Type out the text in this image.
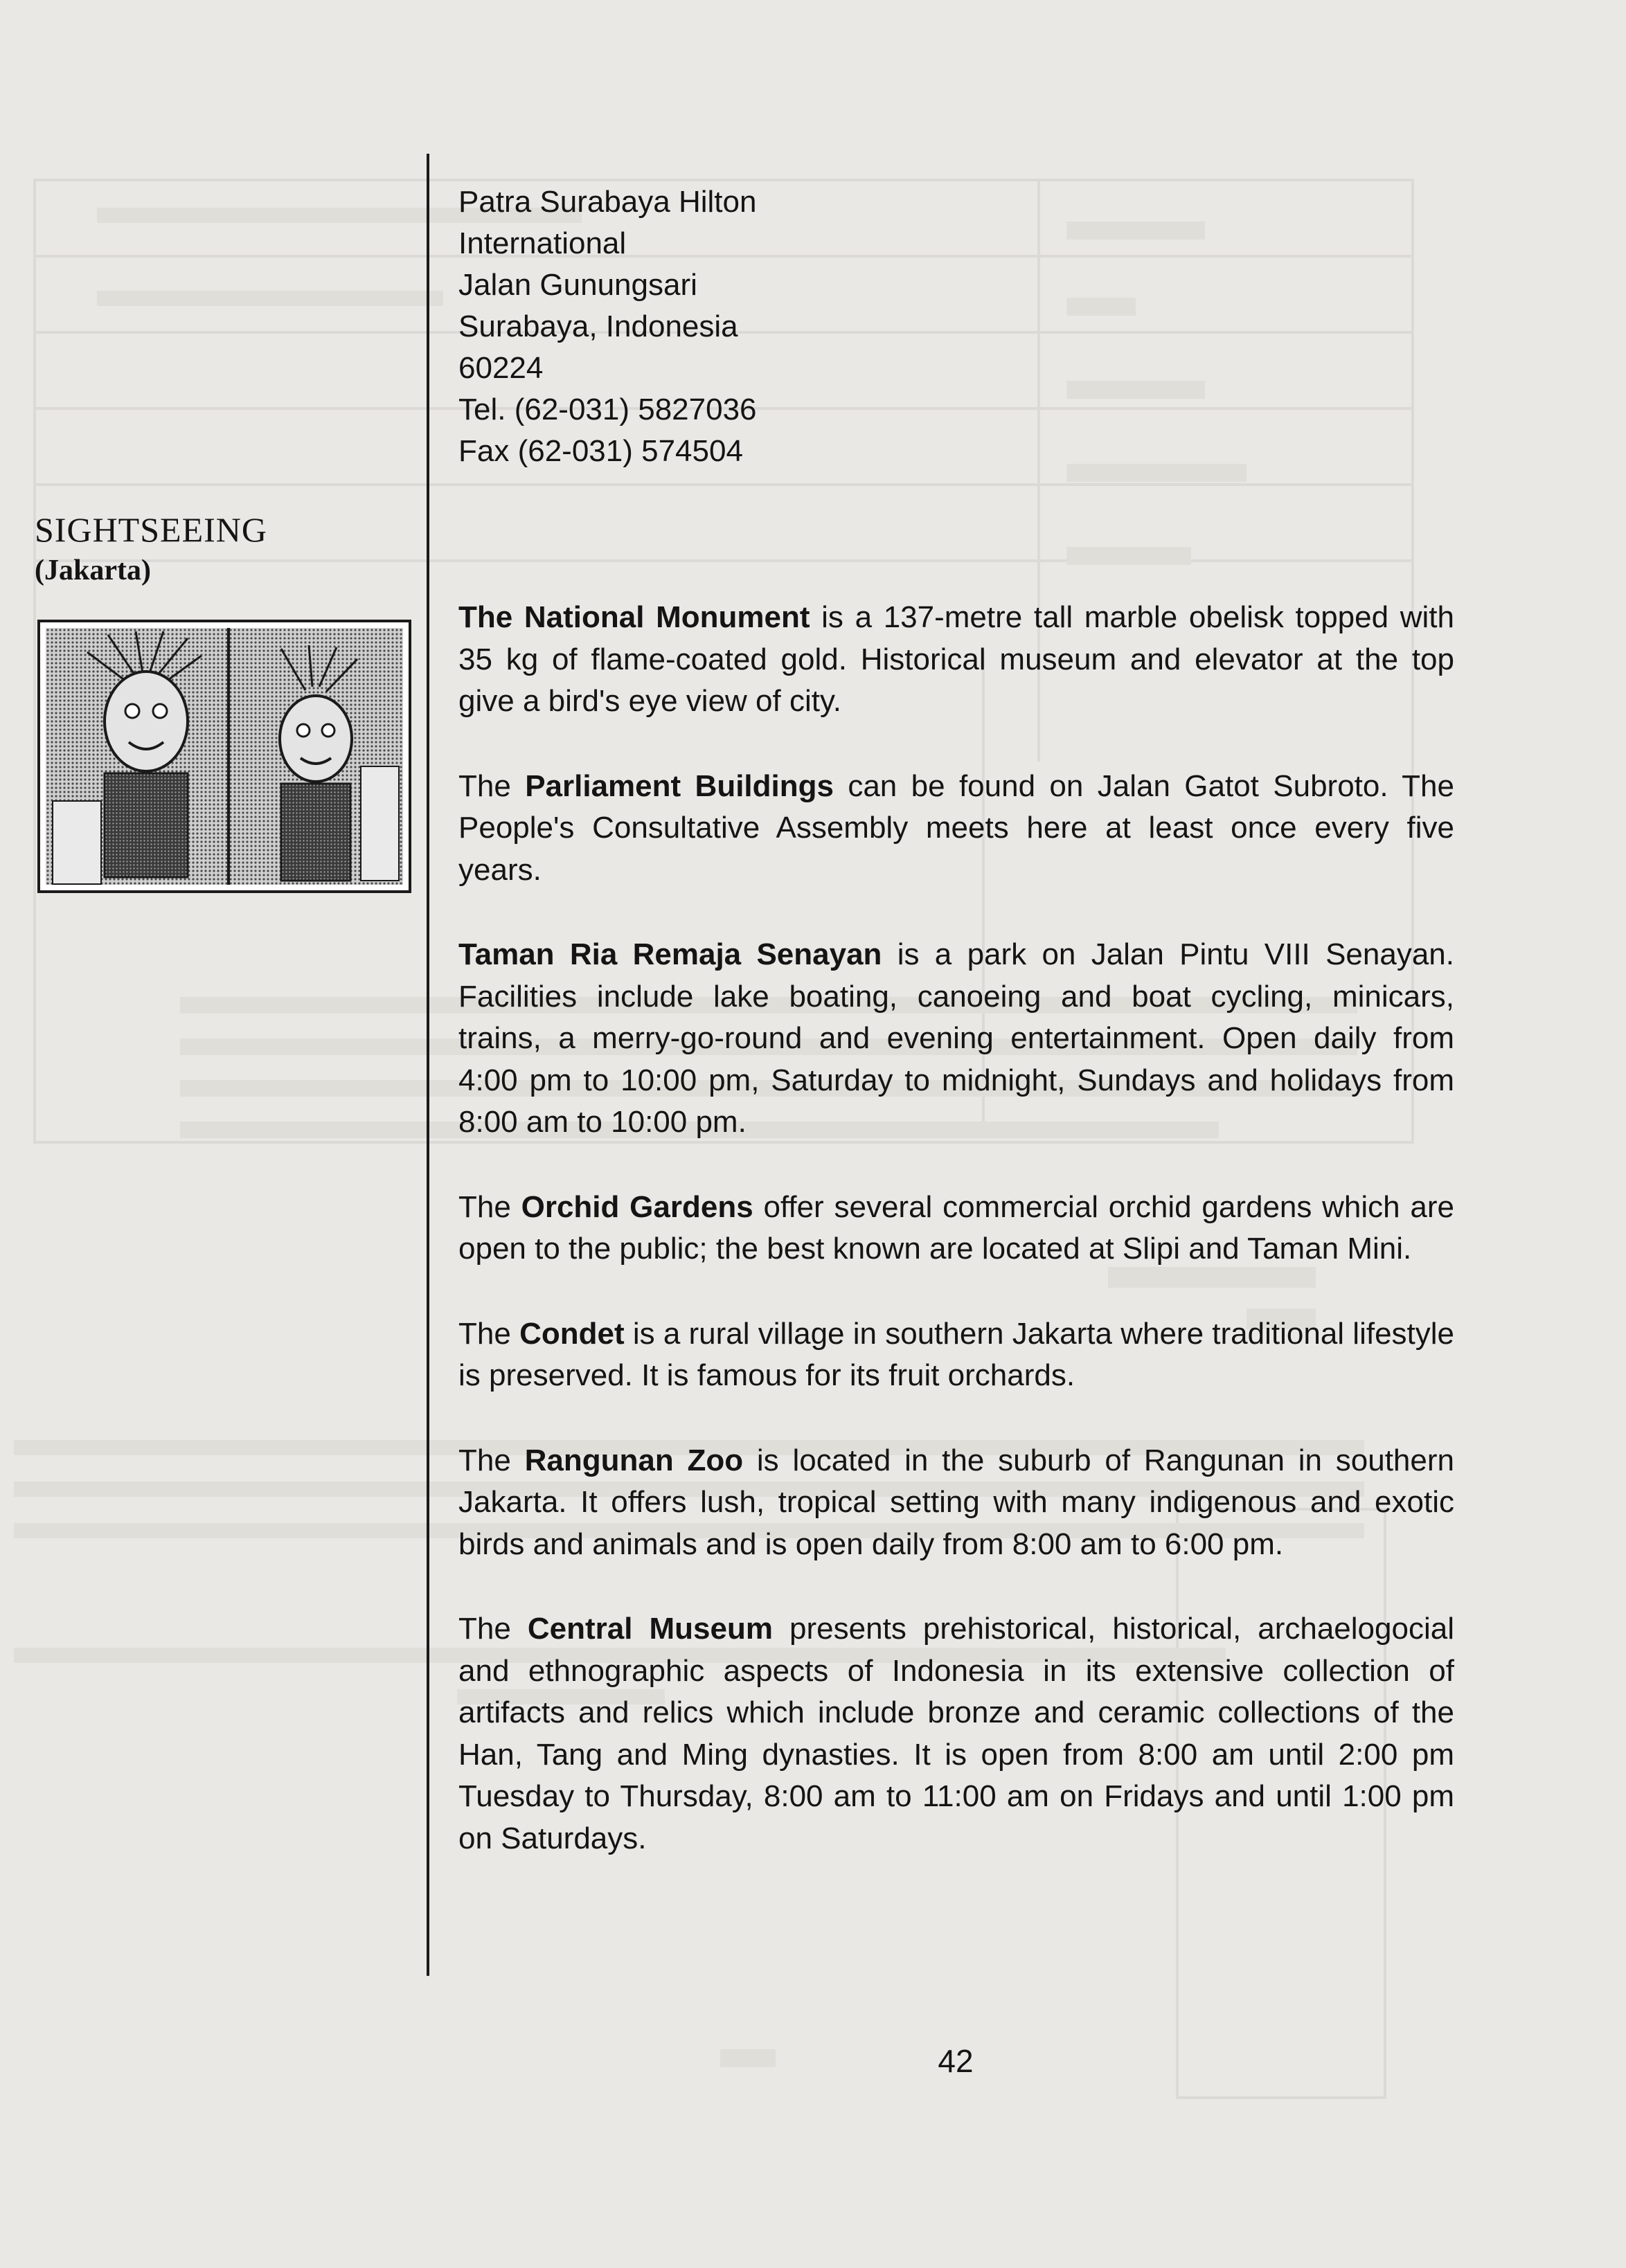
Patra Surabaya Hilton
International
Jalan Gunungsari
Surabaya, Indonesia
60224
Tel. (62-031) 5827036
Fax (62-031) 574504
SIGHTSEEING
(Jakarta)

The National Monument is a 137-metre tall marble obelisk topped with 35 kg of flame-coated gold. Historical museum and elevator at the top give a bird's eye view of city.

The Parliament Buildings can be found on Jalan Gatot Subroto. The People's Consultative Assembly meets here at least once every five years.

Taman Ria Remaja Senayan is a park on Jalan Pintu VIII Senayan. Facilities include lake boating, canoeing and boat cycling, minicars, trains, a merry-go-round and evening entertainment. Open daily from 4:00 pm to 10:00 pm, Saturday to midnight, Sundays and holidays from 8:00 am to 10:00 pm.

The Orchid Gardens offer several commercial orchid gardens which are open to the public; the best known are located at Slipi and Taman Mini.

The Condet is a rural village in southern Jakarta where traditional lifestyle is preserved. It is famous for its fruit orchards.

The Rangunan Zoo is located in the suburb of Rangunan in southern Jakarta. It offers lush, tropical setting with many indigenous and exotic birds and animals and is open daily from 8:00 am to 6:00 pm.

The Central Museum presents prehistorical, historical, archaelogocial and ethnographic aspects of Indonesia in its extensive collection of artifacts and relics which include bronze and ceramic collections of the Han, Tang and Ming dynasties. It is open from 8:00 am until 2:00 pm Tuesday to Thursday, 8:00 am to 11:00 am on Fridays and until 1:00 pm on Saturdays.

42
